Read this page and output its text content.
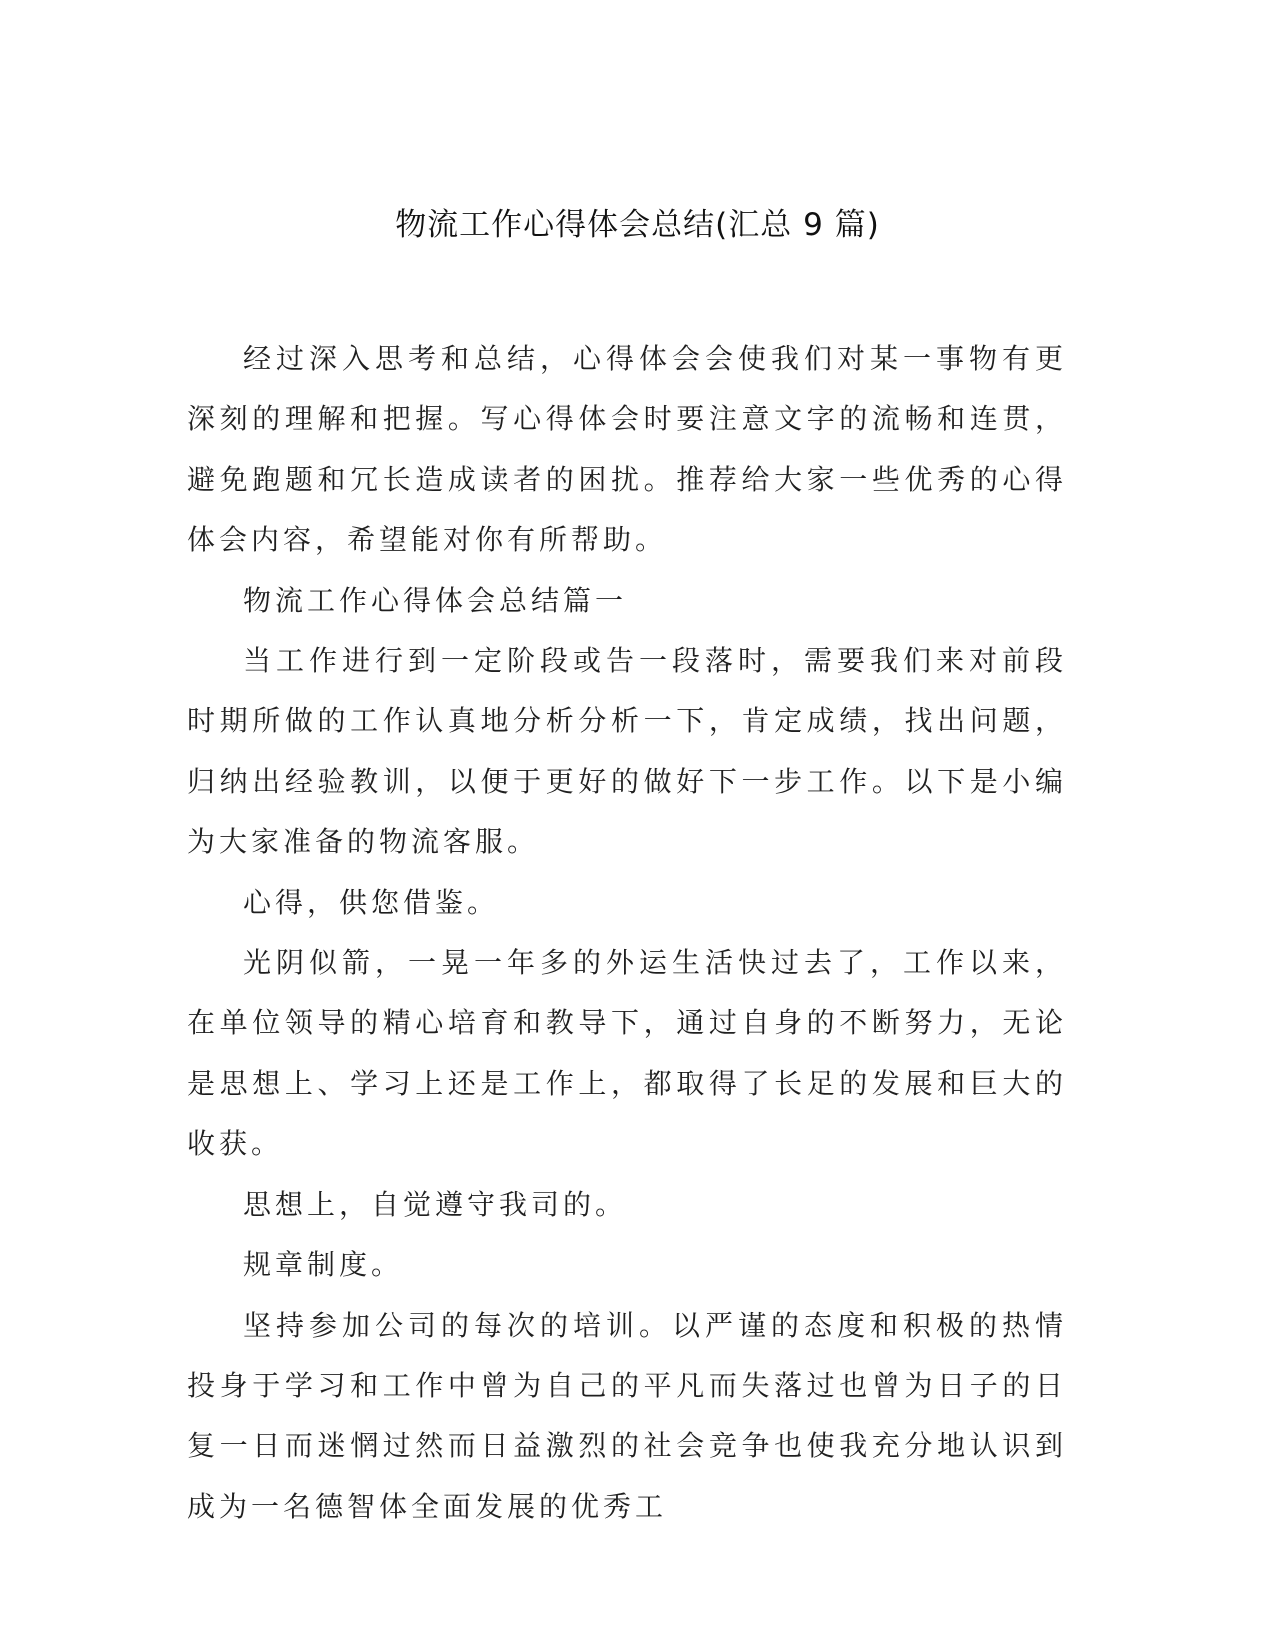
物流工作心得体会总结(汇总 9 篇)

经过深入思考和总结，心得体会会使我们对某一事物有更深刻的理解和把握。写心得体会时要注意文字的流畅和连贯，避免跑题和冗长造成读者的困扰。推荐给大家一些优秀的心得体会内容，希望能对你有所帮助。

物流工作心得体会总结篇一

当工作进行到一定阶段或告一段落时，需要我们来对前段时期所做的工作认真地分析分析一下，肯定成绩，找出问题，归纳出经验教训，以便于更好的做好下一步工作。以下是小编为大家准备的物流客服。

心得，供您借鉴。

光阴似箭，一晃一年多的外运生活快过去了，工作以来，在单位领导的精心培育和教导下，通过自身的不断努力，无论是思想上、学习上还是工作上，都取得了长足的发展和巨大的收获。

思想上，自觉遵守我司的。

规章制度。

坚持参加公司的每次的培训。以严谨的态度和积极的热情投身于学习和工作中曾为自己的平凡而失落过也曾为日子的日复一日而迷惘过然而日益激烈的社会竞争也使我充分地认识到成为一名德智体全面发展的优秀工
